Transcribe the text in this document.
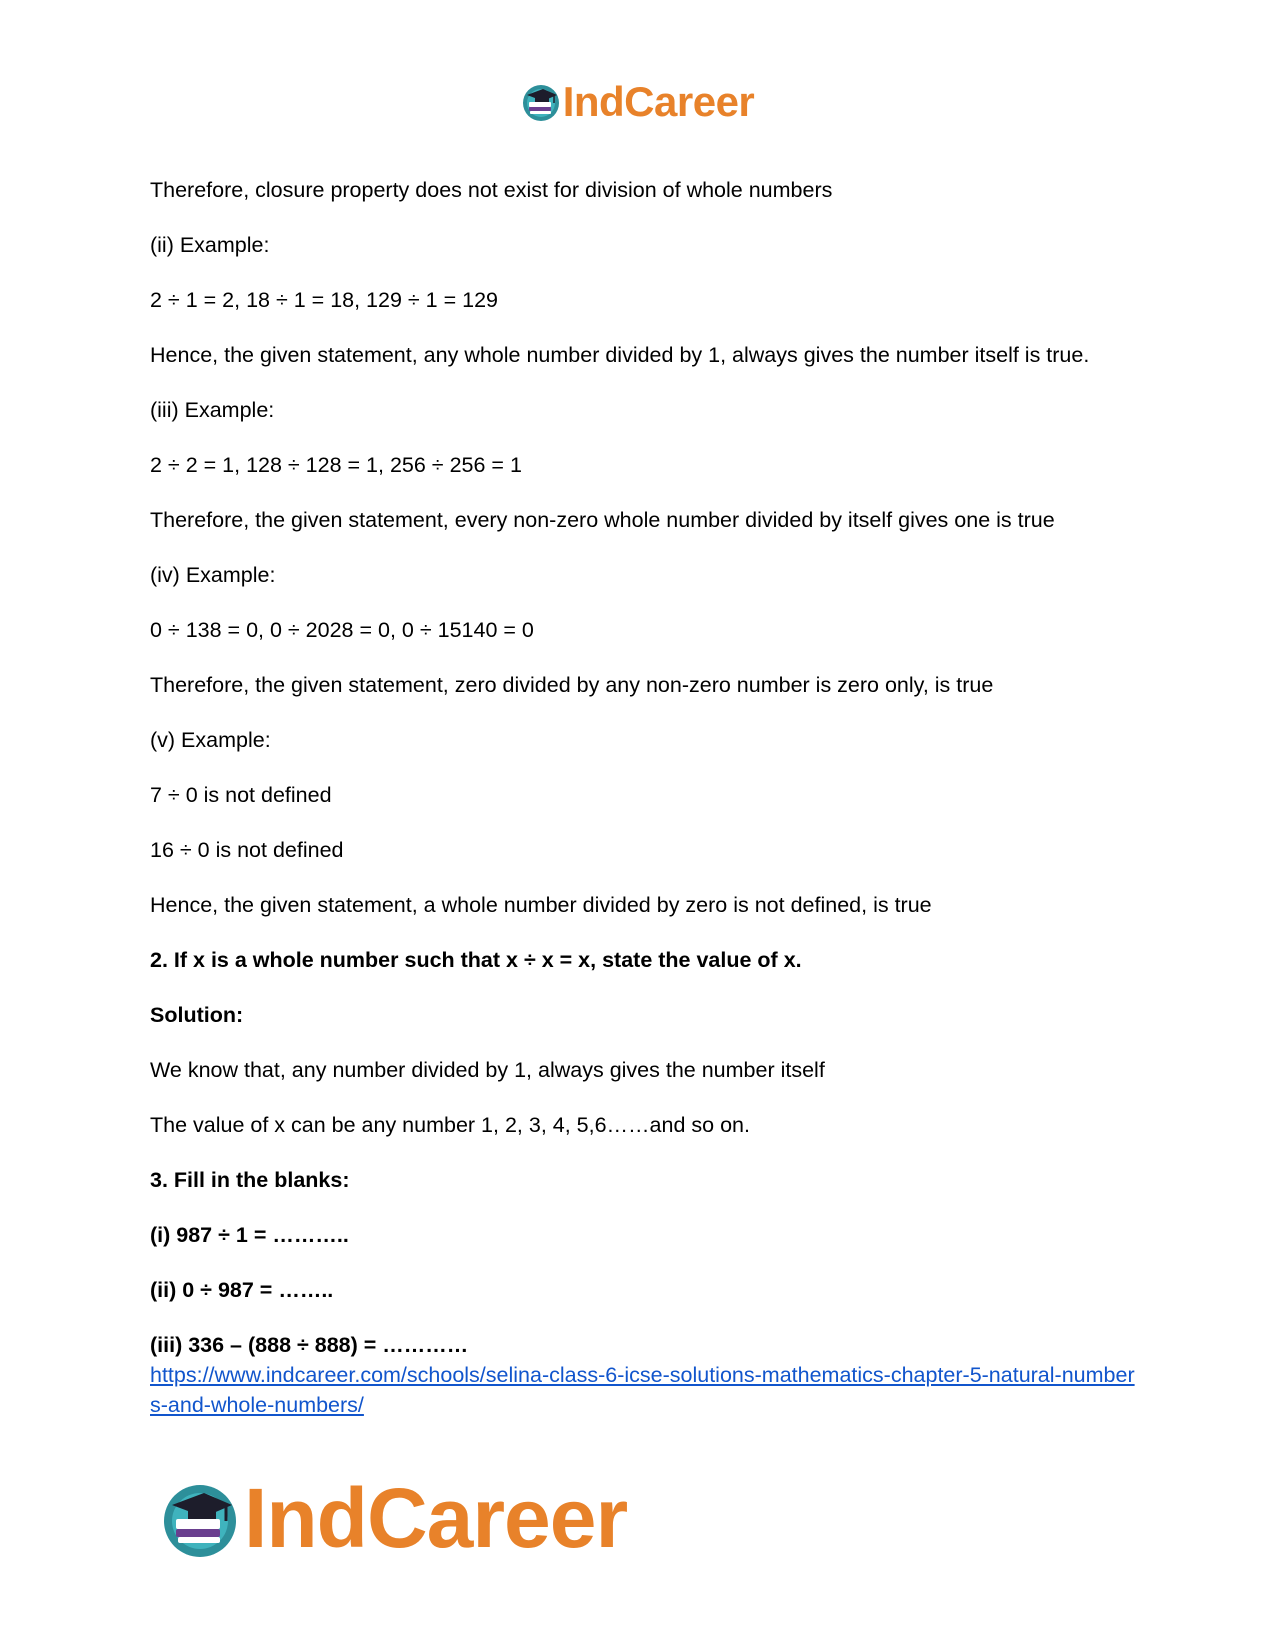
IndCareer

Therefore, closure property does not exist for division of whole numbers

(ii) Example:

2 ÷ 1 = 2, 18 ÷ 1 = 18, 129 ÷ 1 = 129

Hence, the given statement, any whole number divided by 1, always gives the number itself is true.

(iii) Example:

2 ÷ 2 = 1, 128 ÷ 128 = 1, 256 ÷ 256 = 1

Therefore, the given statement, every non-zero whole number divided by itself gives one is true

(iv) Example:

0 ÷ 138 = 0, 0 ÷ 2028 = 0, 0 ÷ 15140 = 0

Therefore, the given statement, zero divided by any non-zero number is zero only, is true

(v) Example:

7 ÷ 0 is not defined

16 ÷ 0 is not defined

Hence, the given statement, a whole number divided by zero is not defined, is true

2. If x is a whole number such that x ÷ x = x, state the value of x.

Solution:

We know that, any number divided by 1, always gives the number itself

The value of x can be any number 1, 2, 3, 4, 5,6……and so on.

3. Fill in the blanks:

(i) 987 ÷ 1 = ………..

(ii) 0 ÷ 987 = ……..

(iii) 336 – (888 ÷ 888) = …………

https://www.indcareer.com/schools/selina-class-6-icse-solutions-mathematics-chapter-5-natural-numbers-and-whole-numbers/

IndCareer
